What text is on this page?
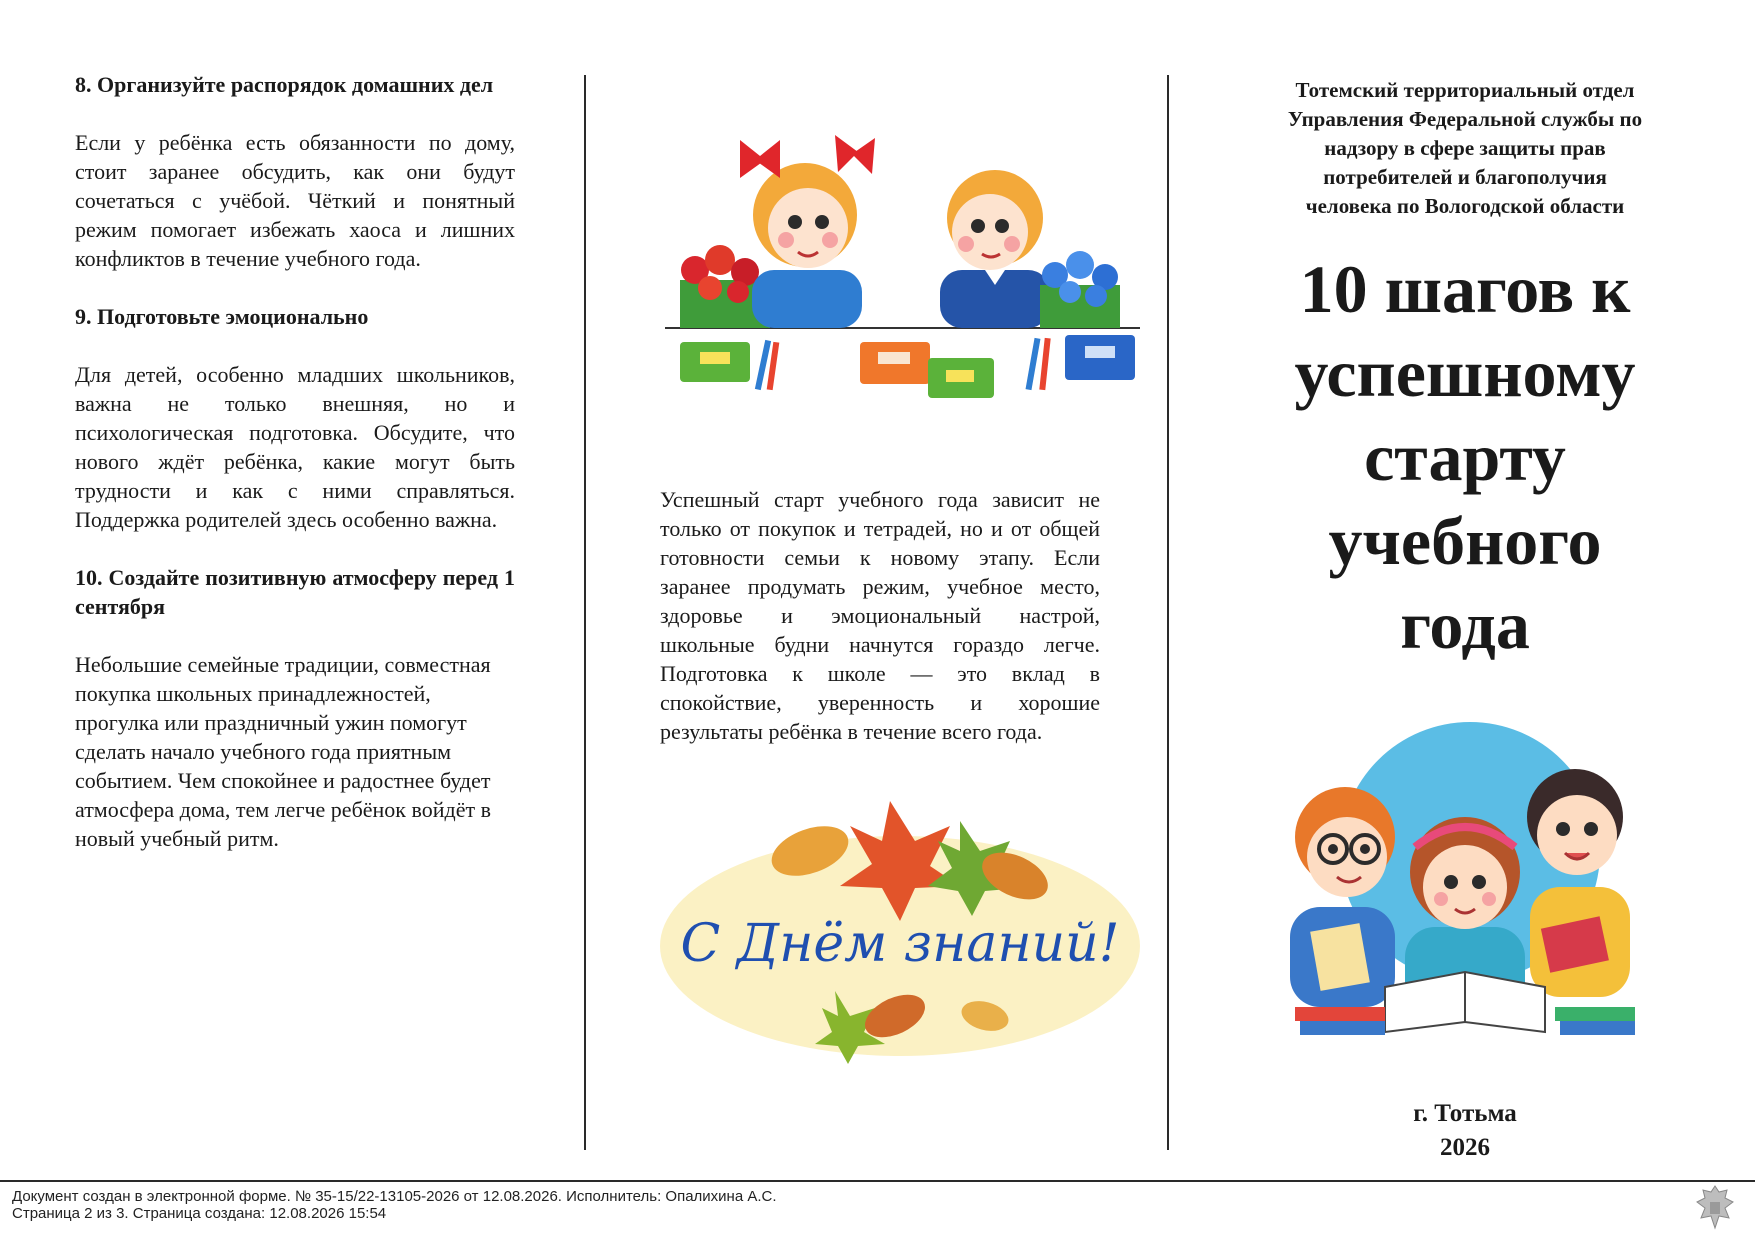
8. Организуйте распорядок домашних дел
Если у ребёнка есть обязанности по дому, стоит заранее обсудить, как они будут сочетаться с учёбой. Чёткий и понятный режим помогает избежать хаоса и лишних конфликтов в течение учебного года.
9. Подготовьте эмоционально
Для детей, особенно младших школьников, важна не только внешняя, но и психологическая подготовка. Обсудите, что нового ждёт ребёнка, какие могут быть трудности и как с ними справляться. Поддержка родителей здесь особенно важна.
10. Создайте позитивную атмосферу перед 1 сентября
Небольшие семейные традиции, совместная покупка школьных принадлежностей, прогулка или праздничный ужин помогут сделать начало учебного года приятным событием. Чем спокойнее и радостнее будет атмосфера дома, тем легче ребёнок войдёт в новый учебный ритм.
Успешный старт учебного года зависит не только от покупок и тетрадей, но и от общей готовности семьи к новому этапу. Если заранее продумать режим, учебное место, здоровье и эмоциональный настрой, школьные будни начнутся гораздо легче. Подготовка к школе — это вклад в спокойствие, уверенность и хорошие результаты ребёнка в течение всего года.
С Днём знаний!
Тотемский территориальный отдел
Управления Федеральной службы по
надзору в сфере защиты прав
потребителей и благополучия
человека по Вологодской области
10 шагов к
успешному
старту
учебного
года
г. Тотьма
2026
Документ создан в электронной форме. № 35-15/22-13105-2026 от 12.08.2026. Исполнитель: Опалихина А.С.
Страница 2 из 3. Страница создана: 12.08.2026 15:54
